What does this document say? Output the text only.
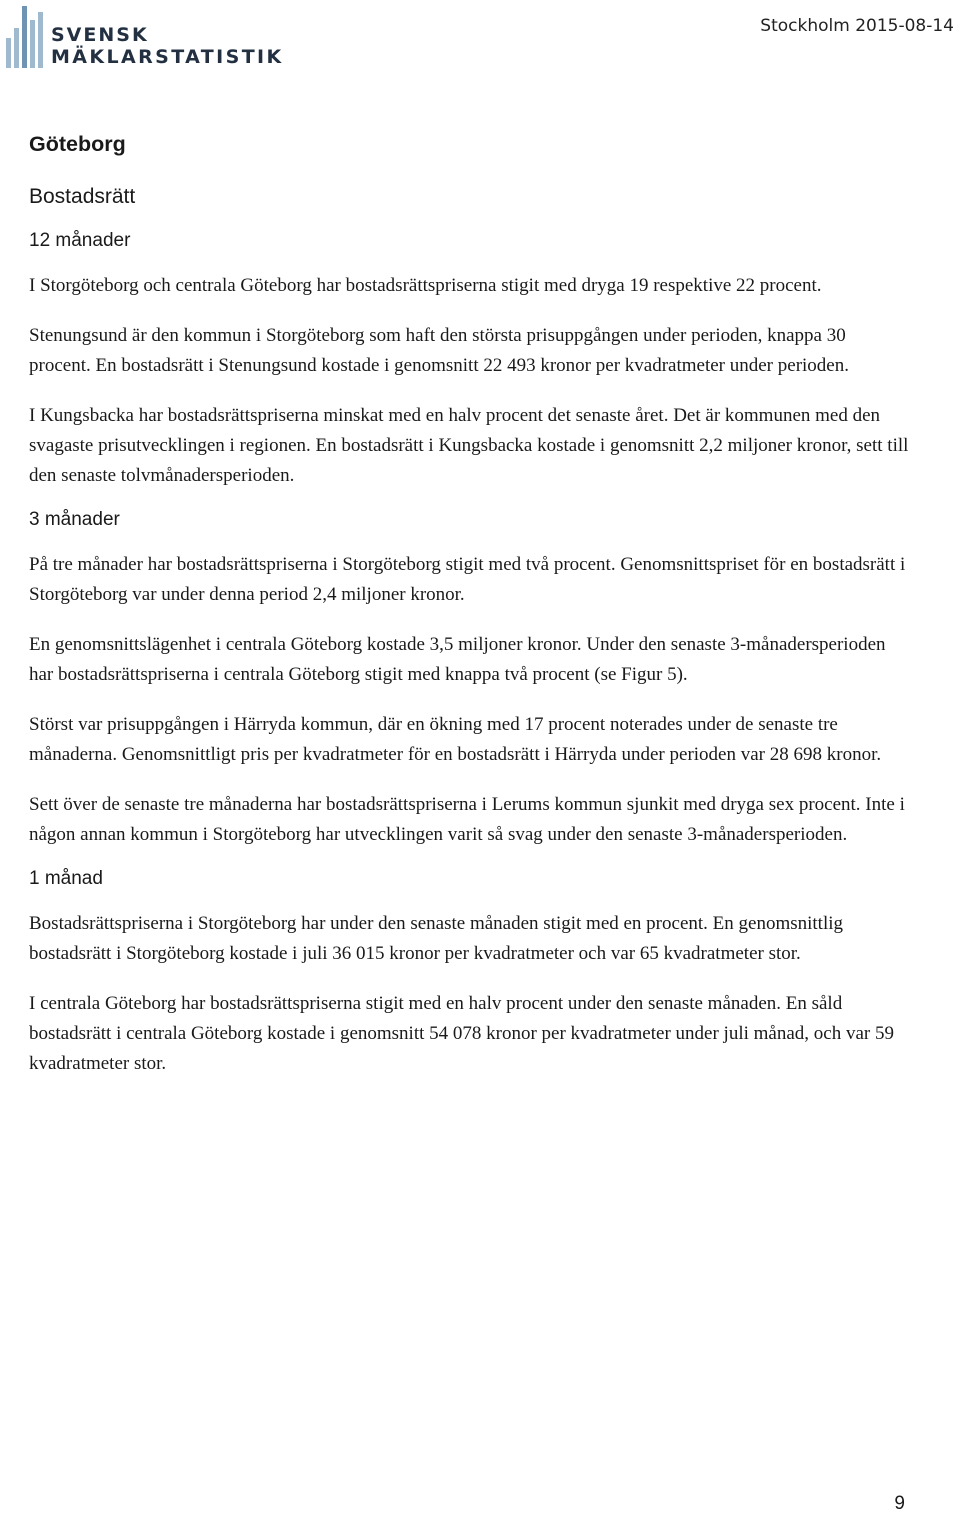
SVENSK
MÄKLARSTATISTIK
Stockholm 2015-08-14
Göteborg
Bostadsrätt
12 månader

I Storgöteborg och centrala Göteborg har bostadsrättspriserna stigit med dryga 19 respektive 22 procent.

Stenungsund är den kommun i Storgöteborg som haft den största prisuppgången under perioden, knappa 30 procent. En bostadsrätt i Stenungsund kostade i genomsnitt 22 493 kronor per kvadratmeter under perioden.

I Kungsbacka har bostadsrättspriserna minskat med en halv procent det senaste året. Det är kommunen med den svagaste prisutvecklingen i regionen. En bostadsrätt i Kungsbacka kostade i genomsnitt 2,2 miljoner kronor, sett till den senaste tolvmånadersperioden.

3 månader

På tre månader har bostadsrättspriserna i Storgöteborg stigit med två procent. Genomsnittspriset för en bostadsrätt i Storgöteborg var under denna period 2,4 miljoner kronor.

En genomsnittslägenhet i centrala Göteborg kostade 3,5 miljoner kronor. Under den senaste 3-månadersperioden har bostadsrättspriserna i centrala Göteborg stigit med knappa två procent (se Figur 5).

Störst var prisuppgången i Härryda kommun, där en ökning med 17 procent noterades under de senaste tre månaderna. Genomsnittligt pris per kvadratmeter för en bostadsrätt i Härryda under perioden var 28 698 kronor.

Sett över de senaste tre månaderna har bostadsrättspriserna i Lerums kommun sjunkit med dryga sex procent. Inte i någon annan kommun i Storgöteborg har utvecklingen varit så svag under den senaste 3-månadersperioden.

1 månad

Bostadsrättspriserna i Storgöteborg har under den senaste månaden stigit med en procent. En genomsnittlig bostadsrätt i Storgöteborg kostade i juli 36 015 kronor per kvadratmeter och var 65 kvadratmeter stor.

I centrala Göteborg har bostadsrättspriserna stigit med en halv procent under den senaste månaden. En såld bostadsrätt i centrala Göteborg kostade i genomsnitt 54 078 kronor per kvadratmeter under juli månad, och var 59 kvadratmeter stor.

9
